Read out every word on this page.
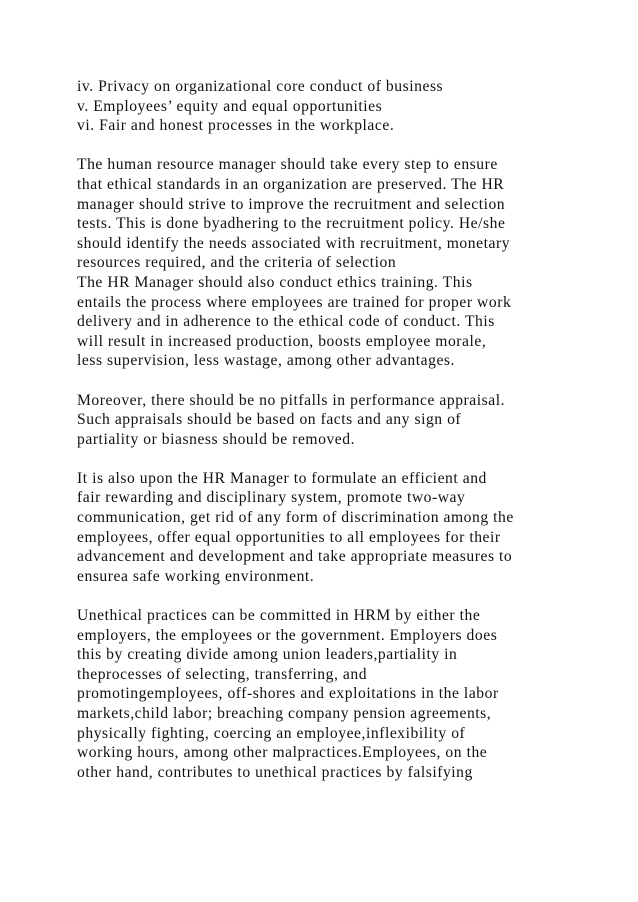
iv. Privacy on organizational core conduct of business
v. Employees’ equity and equal opportunities
vi. Fair and honest processes in the workplace.
The human resource manager should take every step to ensure
that ethical standards in an organization are preserved. The HR
manager should strive to improve the recruitment and selection
tests. This is done byadhering to the recruitment policy. He/she
should identify the needs associated with recruitment, monetary
resources required, and the criteria of selection
The HR Manager should also conduct ethics training. This
entails the process where employees are trained for proper work
delivery and in adherence to the ethical code of conduct. This
will result in increased production, boosts employee morale,
less supervision, less wastage, among other advantages.
Moreover, there should be no pitfalls in performance appraisal.
Such appraisals should be based on facts and any sign of
partiality or biasness should be removed.
It is also upon the HR Manager to formulate an efficient and
fair rewarding and disciplinary system, promote two-way
communication, get rid of any form of discrimination among the
employees, offer equal opportunities to all employees for their
advancement and development and take appropriate measures to
ensurea safe working environment.
Unethical practices can be committed in HRM by either the
employers, the employees or the government. Employers does
this by creating divide among union leaders,partiality in
theprocesses of selecting, transferring, and
promotingemployees, off-shores and exploitations in the labor
markets,child labor; breaching company pension agreements,
physically fighting, coercing an employee,inflexibility of
working hours, among other malpractices.Employees, on the
other hand, contributes to unethical practices by falsifying
